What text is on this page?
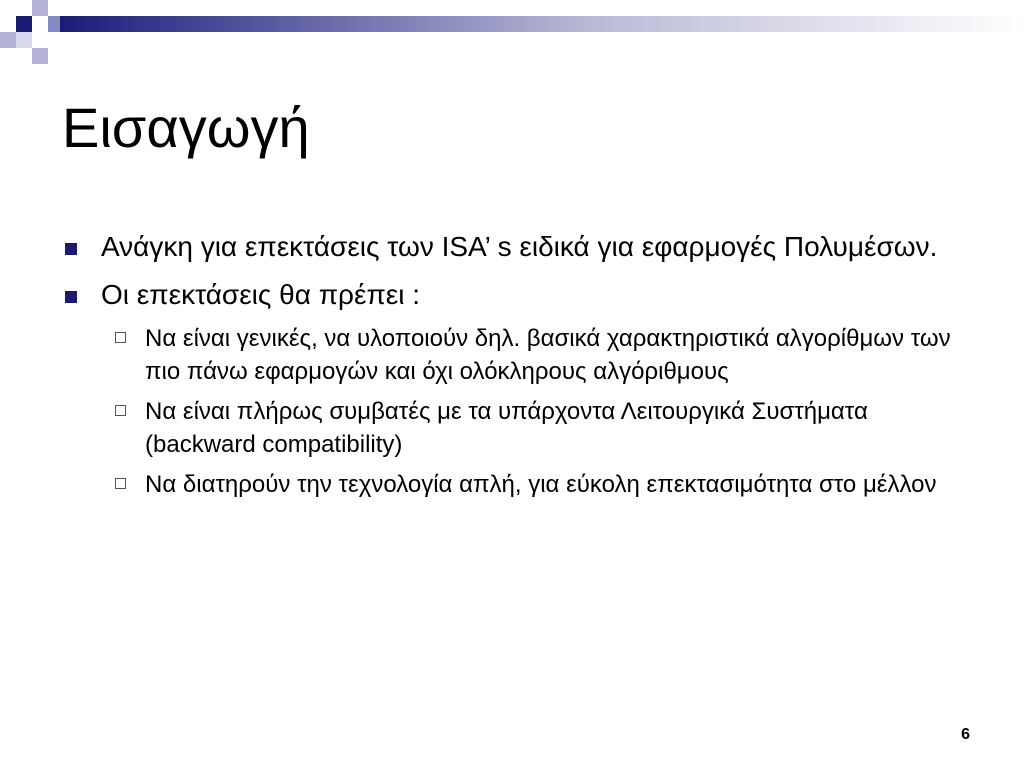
Εισαγωγή
Ανάγκη για επεκτάσεις των ISA’ s ειδικά για εφαρμογές Πολυμέσων.
Οι επεκτάσεις θα πρέπει :
Να είναι γενικές, να υλοποιούν δηλ. βασικά χαρακτηριστικά αλγορίθμων των πιο πάνω εφαρμογών και όχι ολόκληρους αλγόριθμους
Να είναι πλήρως συμβατές με τα υπάρχοντα Λειτουργικά Συστήματα (backward compatibility)
Να διατηρούν την τεχνολογία απλή, για εύκολη επεκτασιμότητα στο μέλλον
6
